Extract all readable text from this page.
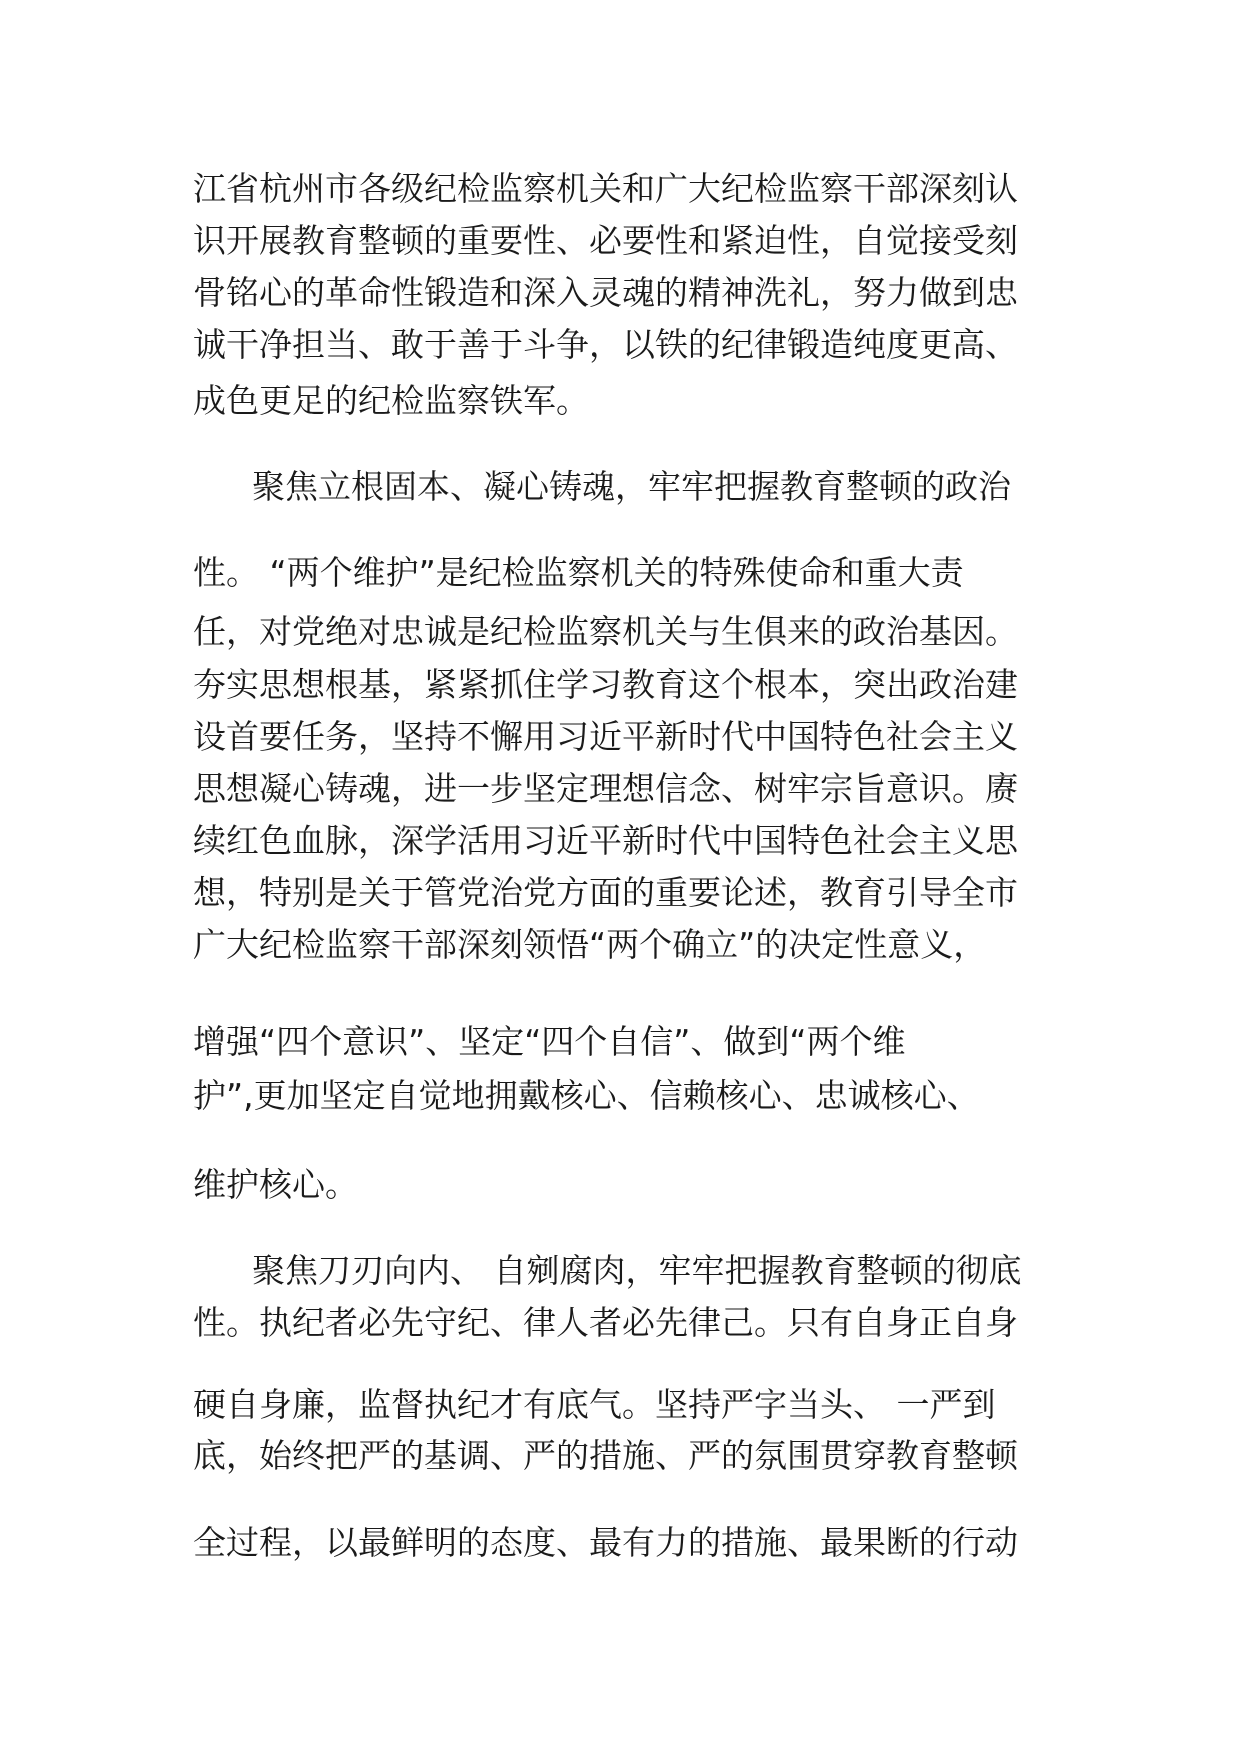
江省杭州市各级纪检监察机关和广大纪检监察干部深刻认
识开展教育整顿的重要性、必要性和紧迫性，自觉接受刻
骨铭心的革命性锻造和深入灵魂的精神洗礼，努力做到忠
诚干净担当、敢于善于斗争，以铁的纪律锻造纯度更高、
成色更足的纪检监察铁军。
聚焦立根固本、凝心铸魂，牢牢把握教育整顿的政治
性。 “两个维护”是纪检监察机关的特殊使命和重大责
任，对党绝对忠诚是纪检监察机关与生俱来的政治基因。
夯实思想根基，紧紧抓住学习教育这个根本，突出政治建
设首要任务，坚持不懈用习近平新时代中国特色社会主义
思想凝心铸魂，进一步坚定理想信念、树牢宗旨意识。赓
续红色血脉，深学活用习近平新时代中国特色社会主义思
想，特别是关于管党治党方面的重要论述，教育引导全市
广大纪检监察干部深刻领悟“两个确立”的决定性意义，
增强“四个意识”、坚定“四个自信”、做到“两个维
护”,更加坚定自觉地拥戴核心、信赖核心、忠诚核心、
维护核心。
聚焦刀刃向内、 自剜腐肉，牢牢把握教育整顿的彻底
性。执纪者必先守纪、律人者必先律己。只有自身正自身
硬自身廉，监督执纪才有底气。坚持严字当头、 一严到
底，始终把严的基调、严的措施、严的氛围贯穿教育整顿
全过程，以最鲜明的态度、最有力的措施、最果断的行动
